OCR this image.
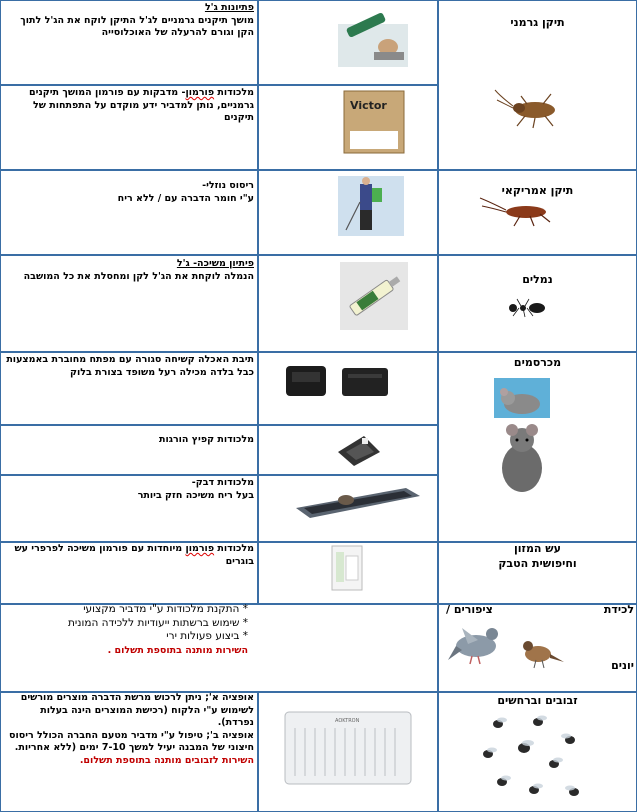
תיקן גרמני
פתיונות ג'ל
מושך תיקנים גרמניים לג'ל התיקן לוקח את הג'ל לתוך הקן וגורם להרעלה של האוכלוסייה
Victor
מלכודות פורמון- מדבקות עם פורמון המושך תיקנים גרמניים, נותן למדביר ידע מוקדם על התפתחות של תיקנים
תיקן אמריקאי
ריסוס נוזלי-
ע"י חומר הדברה עם / ללא ריח
נמלים
פיתיון משיכה- ג'ל
הנמלה לוקחת את הג'ל לקן ומחסלת את כל המושבה
מכרסמים
תיבת האכלה קשיחה סגורה עם מפתח מחוברת באמצעות כבל בלדה מכילה רעל משופד בצורת בלוק
מלכודות קפיץ הורגות
מלכודות דבק-
בעל ריח משיכה חזק ביותר
עש המזון
וחיפושית הטבק
מלכודות פורמון מיוחדות עם פורמון משיכה לפרפרי עש בוגרים
לכידת
ציפורים /
יונים
* התקנת מלכודות ע"י מדביר מקצועי
* שימוש ברשתות ייעודיות ללכידה המונית
* ביצוע פעולות ירי
השירות מותנה בתוספת תשלום .
זבובים וברחשים
AOKTRON
אופציה א'; ניתן לרכוש מרשת הדברה מוצרים מורשים לשימוש ע"י הלקוח (רכישת המוצרים הינה בעלות נפרדת).
אופציה ב'; טיפול ע"י מדביר מטעם החברה הכולל ריסוס חיצוני של המבנה יעיל למשך 7-10 ימים (ללא אחריות.
השירות לזבובים מותנה בתוספת תשלום.
